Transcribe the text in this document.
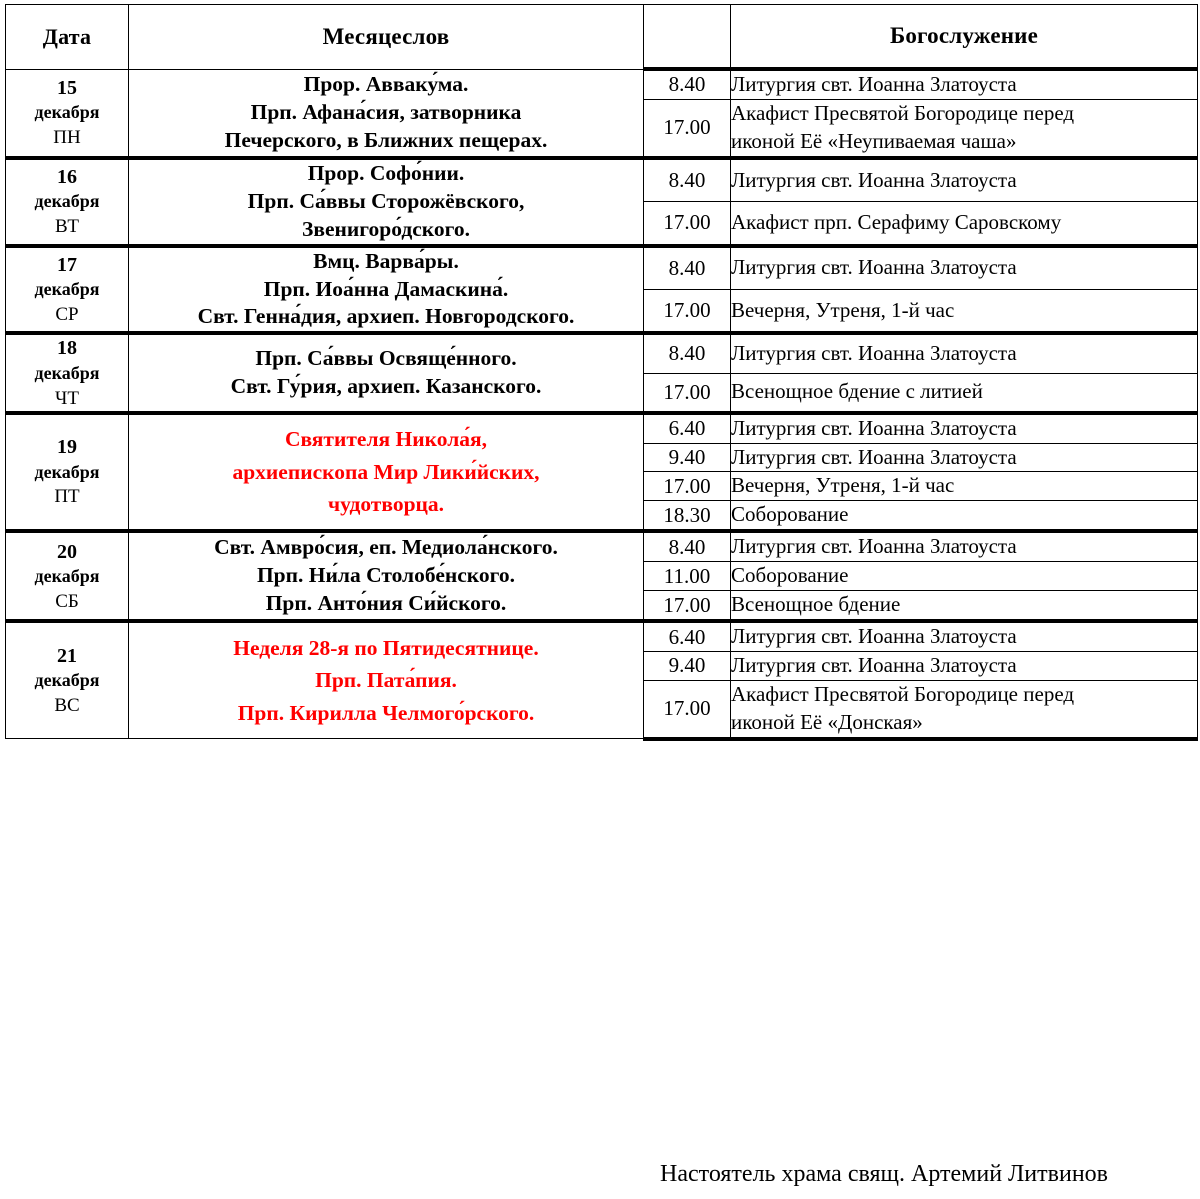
Дата	Месяцеслов		Богослужение

15
декабря
ПН	Прор. Авваку́ма.
Прп. Афана́сия, затворника
Печерского, в Ближних пещерах.	8.40	Литургия свт. Иоанна Златоуста

		17.00	Акафист Пресвятой Богородице перед
иконой Её «Неупиваемая чаша»

16
декабря
ВТ	Прор. Софо́нии.
Прп. Са́ввы Сторожёвского,
Звенигоро́дского.	8.40	Литургия свт. Иоанна Златоуста

		17.00	Акафист прп. Серафиму Саровскому

17
декабря
СР	Вмц. Варва́ры.
Прп. Иоа́нна Дамаскина́.
Свт. Генна́дия, архиеп. Новгородского.	8.40	Литургия свт. Иоанна Златоуста

		17.00	Вечерня, Утреня, 1-й час

18
декабря
ЧТ	Прп. Са́ввы Освяще́нного.
Свт. Гу́рия, архиеп. Казанского.	8.40	Литургия свт. Иоанна Златоуста

		17.00	Всенощное бдение с литией

19
декабря
ПТ	Святителя Никола́я,
архиепископа Мир Лики́йских,
чудотворца.	6.40	Литургия свт. Иоанна Златоуста

		9.40	Литургия свт. Иоанна Златоуста

		17.00	Вечерня, Утреня, 1-й час

		18.30	Соборование

20
декабря
СБ	Свт. Амвро́сия, еп. Медиола́нского.
Прп. Ни́ла Столобе́нского.
Прп. Анто́ния Си́йского.	8.40	Литургия свт. Иоанна Златоуста

		11.00	Соборование

		17.00	Всенощное бдение

21
декабря
ВС	Неделя 28-я по Пятидесятнице.
Прп. Пата́пия.
Прп. Кирилла Челмого́рского.	6.40	Литургия свт. Иоанна Златоуста

		9.40	Литургия свт. Иоанна Златоуста

		17.00	Акафист Пресвятой Богородице перед
иконой Её «Донская»
Настоятель храма свящ. Артемий Литвинов
